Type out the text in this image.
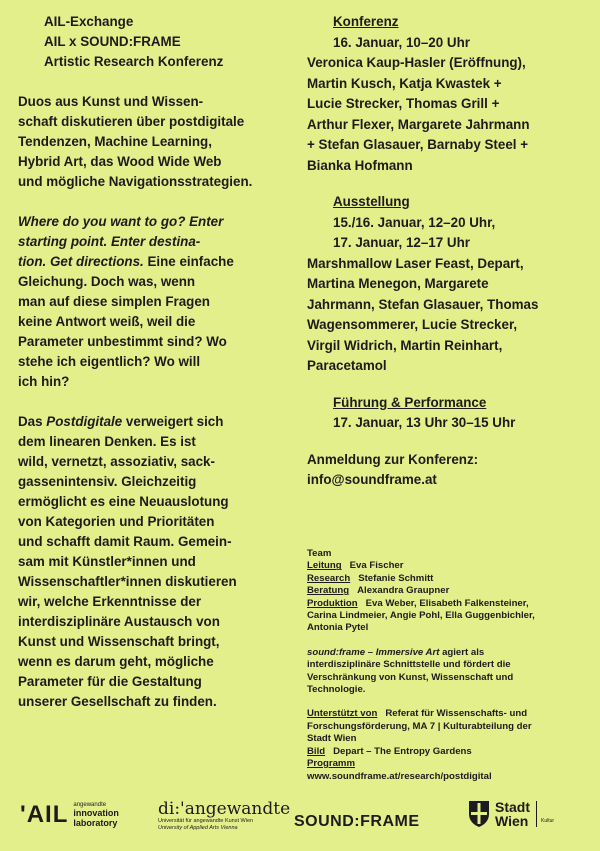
AIL-Exchange
AIL x SOUND:FRAME
Artistic Research Konferenz
Duos aus Kunst und Wissen-
schaft diskutieren über postdigitale
Tendenzen, Machine Learning,
Hybrid Art, das Wood Wide Web
und mögliche Navigationsstrategien.
Where do you want to go? Enter
starting point. Enter destina-
tion. Get directions. Eine einfache
Gleichung. Doch was, wenn
man auf diese simplen Fragen
keine Antwort weiß, weil die
Parameter unbestimmt sind? Wo
stehe ich eigentlich? Wo will
ich hin?
Das Postdigitale verweigert sich
dem linearen Denken. Es ist
wild, vernetzt, assoziativ, sack-
gassenintensiv. Gleichzeitig
ermöglicht es eine Neuauslotung
von Kategorien und Prioritäten
und schafft damit Raum. Gemein-
sam mit Künstler*innen und
Wissenschaftler*innen diskutieren
wir, welche Erkenntnisse der
interdisziplinäre Austausch von
Kunst und Wissenschaft bringt,
wenn es darum geht, mögliche
Parameter für die Gestaltung
unserer Gesellschaft zu finden.
Konferenz
16. Januar, 10–20 Uhr
Veronica Kaup-Hasler (Eröffnung),
Martin Kusch, Katja Kwastek +
Lucie Strecker, Thomas Grill +
Arthur Flexer, Margarete Jahrmann
+ Stefan Glasauer, Barnaby Steel +
Bianka Hofmann
Ausstellung
15./16. Januar, 12–20 Uhr,
17. Januar, 12–17 Uhr
Marshmallow Laser Feast, Depart,
Martina Menegon, Margarete
Jahrmann, Stefan Glasauer, Thomas
Wagensommerer, Lucie Strecker,
Virgil Widrich, Martin Reinhart,
Paracetamol
Führung & Performance
17. Januar, 13 Uhr 30–15 Uhr
Anmeldung zur Konferenz:
info@soundframe.at
Team
Leitung Eva Fischer
Research Stefanie Schmitt
Beratung Alexandra Graupner
Produktion Eva Weber, Elisabeth Falkensteiner,
Carina Lindmeier, Angie Pohl, Ella Guggenbichler,
Antonia Pytel
sound:frame – Immersive Art agiert als
interdisziplinäre Schnittstelle und fördert die
Verschränkung von Kunst, Wissenschaft und
Technologie.
Unterstützt von Referat für Wissenschafts- und
Forschungsförderung, MA 7 | Kulturabteilung der
Stadt Wien
Bild Depart – The Entropy Gardens
Programm
www.soundframe.at/research/postdigital
'AIL angewandte
innovation
laboratory
di:'angewandte
Universität für angewandte Kunst Wien
University of Applied Arts Vienna	SOUND:FRAME
Stadt
Wien	Kultur
